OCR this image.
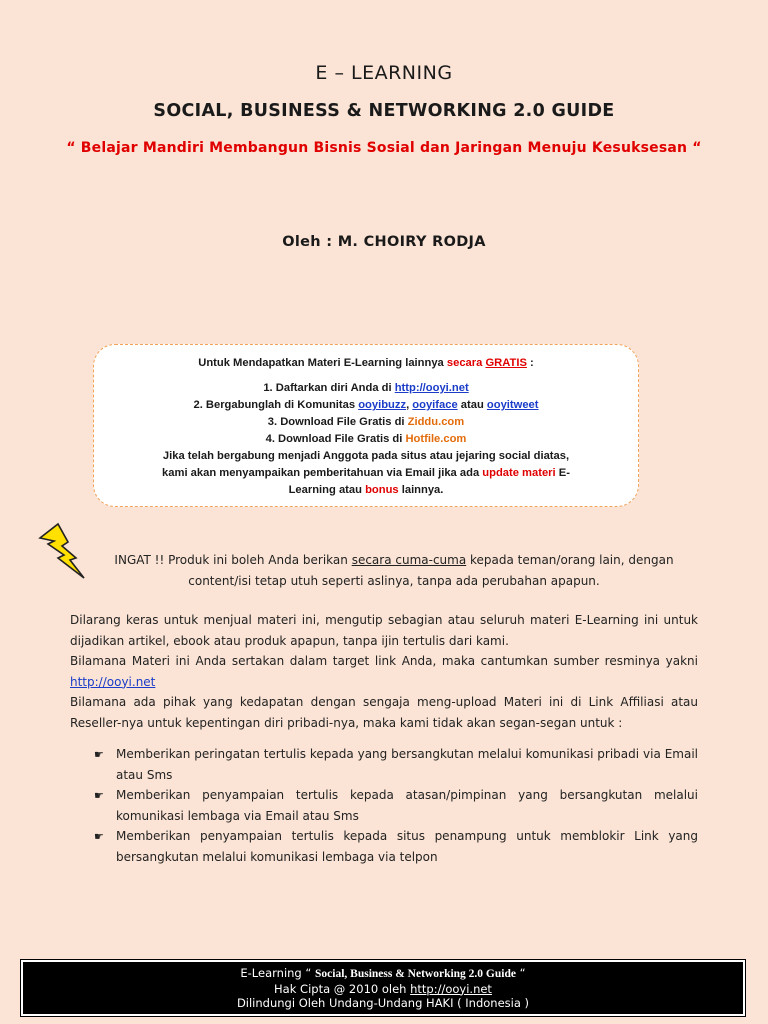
E – LEARNING
SOCIAL, BUSINESS & NETWORKING 2.0 GUIDE
“ Belajar Mandiri Membangun Bisnis Sosial dan Jaringan Menuju Kesuksesan “
Oleh : M. CHOIRY RODJA
Untuk Mendapatkan Materi E-Learning lainnya secara GRATIS :
1. Daftarkan diri Anda di http://ooyi.net
2. Bergabunglah di Komunitas ooyibuzz, ooyiface atau ooyitweet
3. Download File Gratis di Ziddu.com
4. Download File Gratis di Hotfile.com
Jika telah bergabung menjadi Anggota pada situs atau jejaring social diatas,
kami akan menyampaikan pemberitahuan via Email jika ada update materi E-
Learning atau bonus lainnya.
INGAT !! Produk ini boleh Anda berikan secara cuma-cuma kepada teman/orang lain, dengan
content/isi tetap utuh seperti aslinya, tanpa ada perubahan apapun.

Dilarang keras untuk menjual materi ini, mengutip sebagian atau seluruh materi E-Learning ini untuk dijadikan artikel, ebook atau produk apapun, tanpa ijin tertulis dari kami.

Bilamana Materi ini Anda sertakan dalam target link Anda, maka cantumkan sumber resminya yakni http://ooyi.net

Bilamana ada pihak yang kedapatan dengan sengaja meng-upload Materi ini di Link Affiliasi atau Reseller-nya untuk kepentingan diri pribadi-nya, maka kami tidak akan segan-segan untuk :

☛ Memberikan peringatan tertulis kepada yang bersangkutan melalui komunikasi pribadi via Email atau Sms
☛ Memberikan penyampaian tertulis kepada atasan/pimpinan yang bersangkutan melalui komunikasi lembaga via Email atau Sms
☛ Memberikan penyampaian tertulis kepada situs penampung untuk memblokir Link yang bersangkutan melalui komunikasi lembaga via telpon
E-Learning “ Social, Business & Networking 2.0 Guide “
Hak Cipta @ 2010 oleh http://ooyi.net
Dilindungi Oleh Undang-Undang HAKI ( Indonesia )
